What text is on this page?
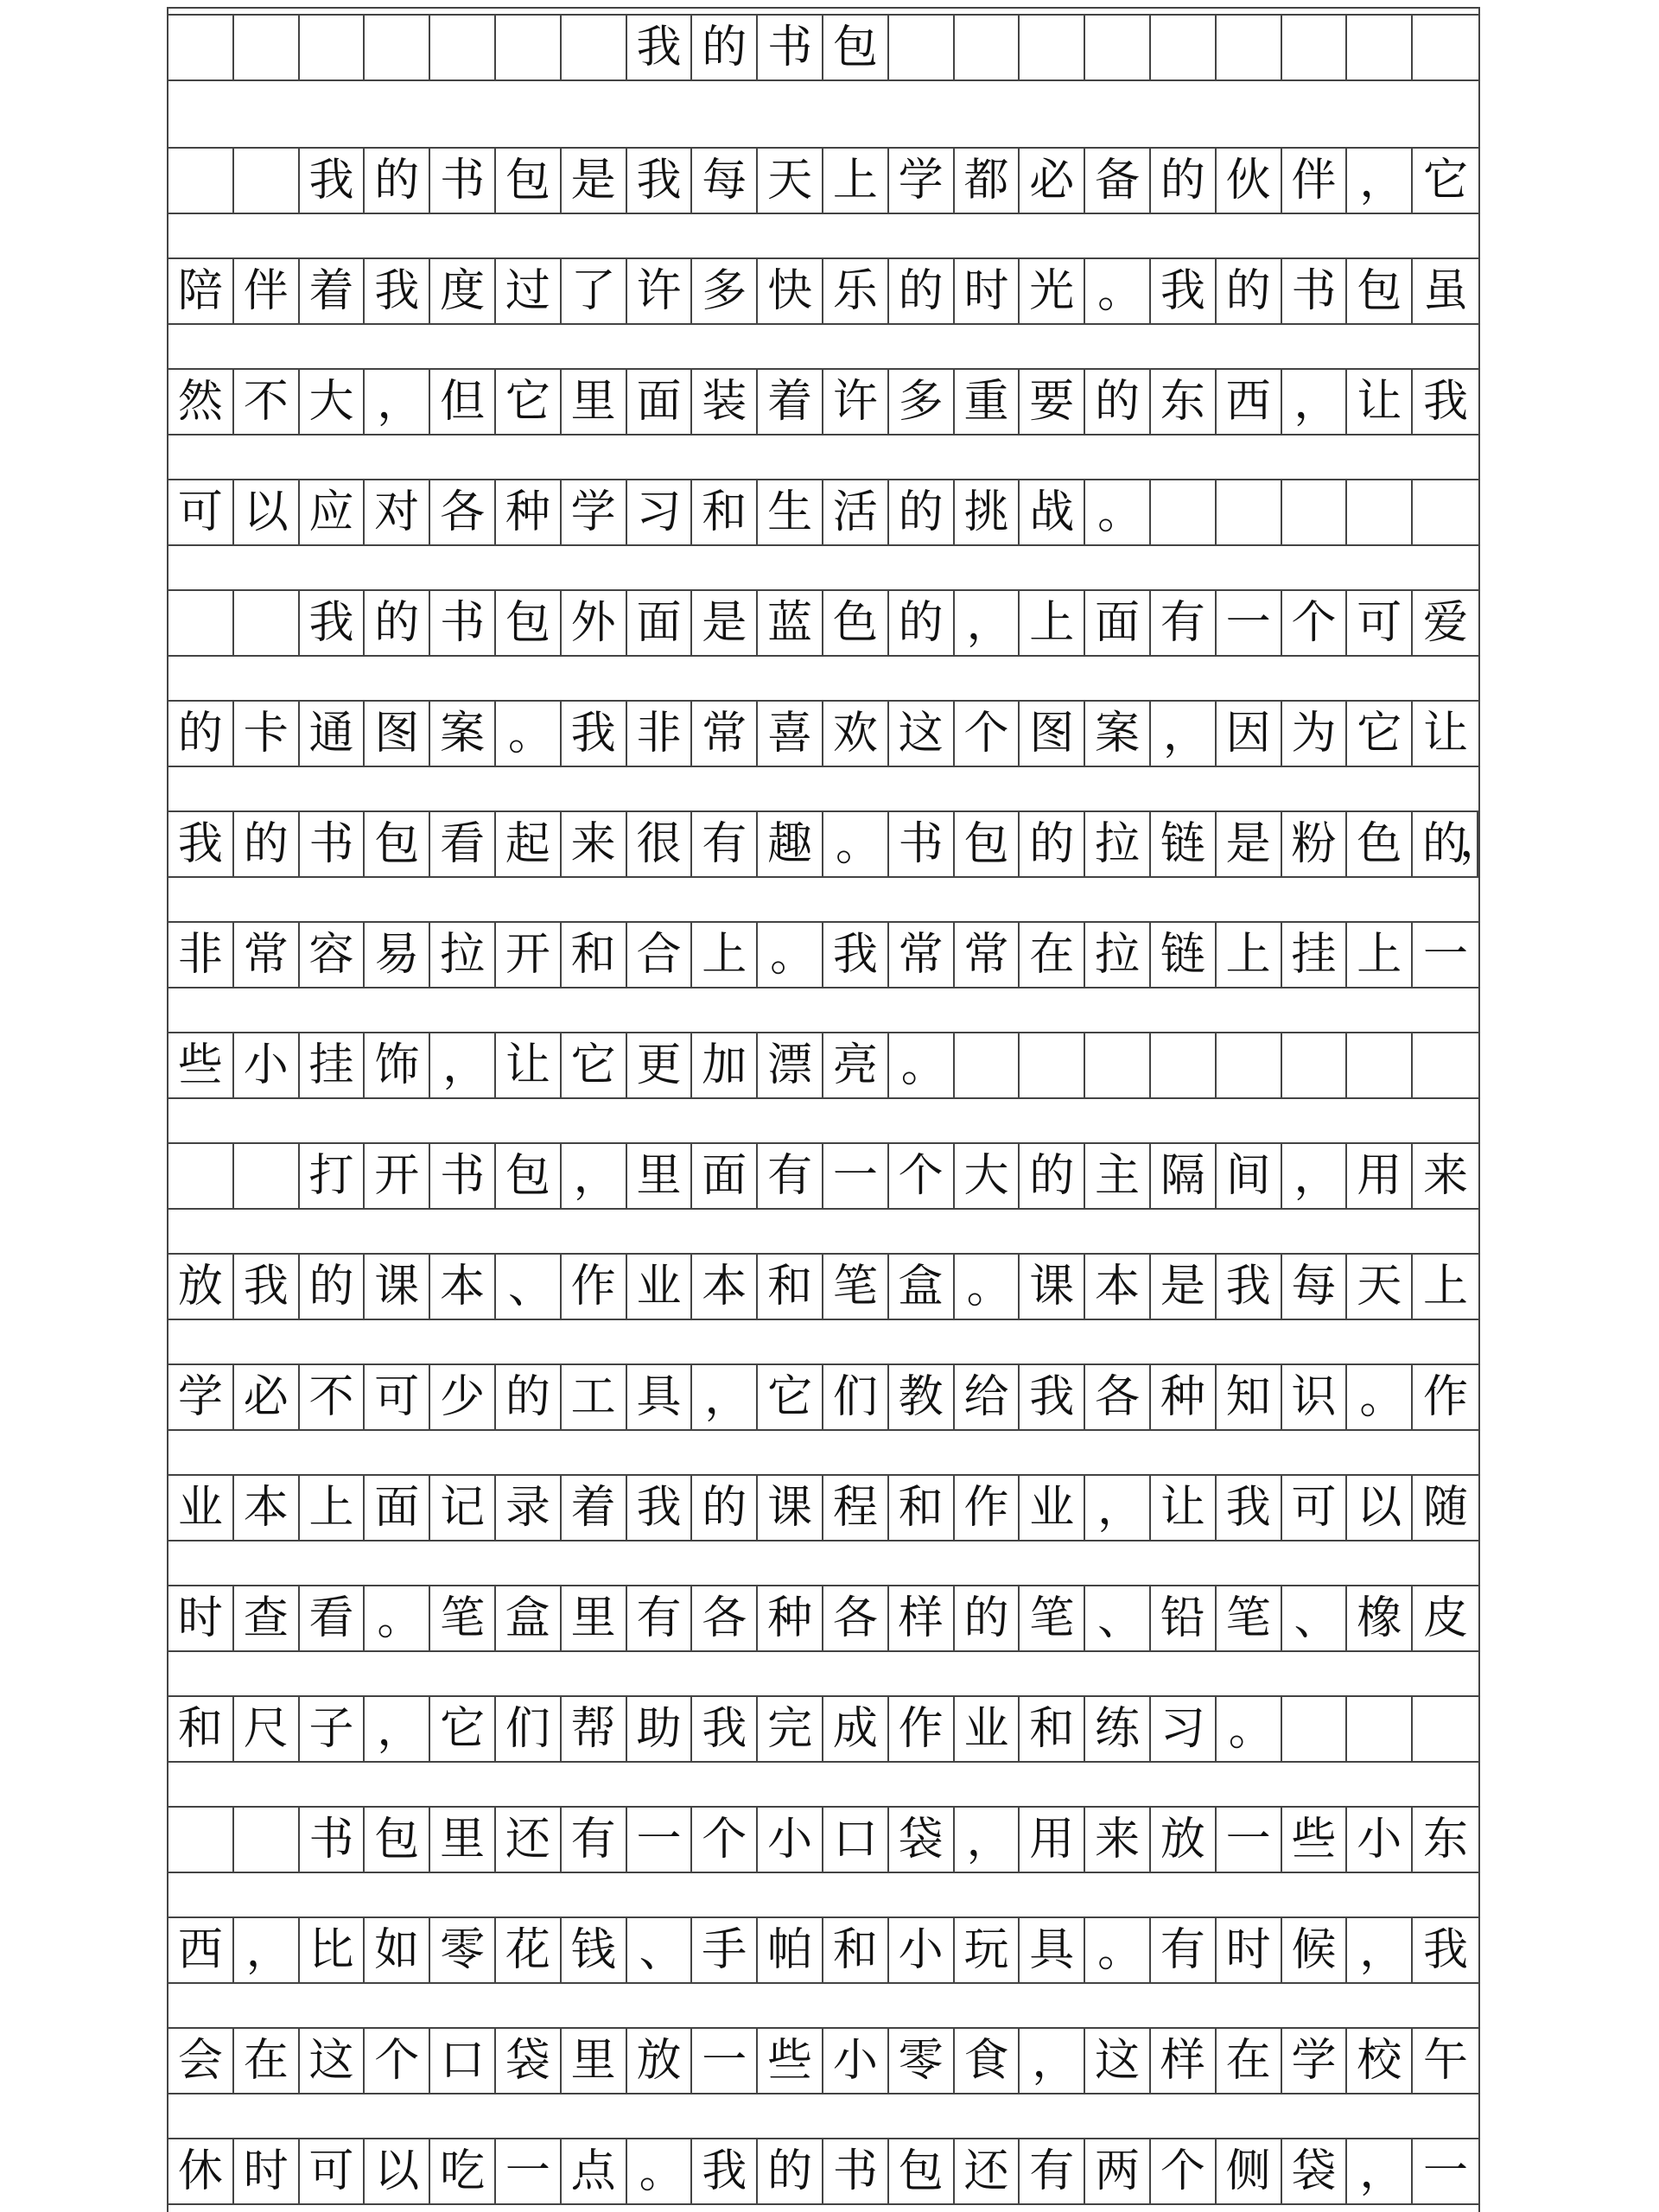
我 的 书 包
我 的 书 包 是 我 每 天 上 学 都 必 备 的 伙 伴 ， 它
陪 伴 着 我 度 过 了 许 多 快 乐 的 时 光 。 我 的 书 包 虽
然 不 大 ， 但 它 里 面 装 着 许 多 重 要 的 东 西 ， 让 我
可 以 应 对 各 种 学 习 和 生 活 的 挑 战 。
我 的 书 包 外 面 是 蓝 色 的 ， 上 面 有 一 个 可 爱
的 卡 通 图 案 。 我 非 常 喜 欢 这 个 图 案 ， 因 为 它 让
我 的 书 包 看 起 来 很 有 趣 。 书 包 的 拉 链 是 粉 色 的
，
非 常 容 易 拉 开 和 合 上 。 我 常 常 在 拉 链 上 挂 上 一
些 小 挂 饰 ， 让 它 更 加 漂 亮 。
打 开 书 包 ， 里 面 有 一 个 大 的 主 隔 间 ， 用 来
放 我 的 课 本 、 作 业 本 和 笔 盒 。 课 本 是 我 每 天 上
学 必 不 可 少 的 工 具 ， 它 们 教 给 我 各 种 知 识 。 作
业 本 上 面 记 录 着 我 的 课 程 和 作 业 ， 让 我 可 以 随
时 查 看 。 笔 盒 里 有 各 种 各 样 的 笔 、 铅 笔 、 橡 皮
和 尺 子 ， 它 们 帮 助 我 完 成 作 业 和 练 习 。
书 包 里 还 有 一 个 小 口 袋 ， 用 来 放 一 些 小 东
西 ， 比 如 零 花 钱 、 手 帕 和 小 玩 具 。 有 时 候 ， 我
会 在 这 个 口 袋 里 放 一 些 小 零 食 ， 这 样 在 学 校 午
休 时 可 以 吃 一 点 。 我 的 书 包 还 有 两 个 侧 袋 ， 一
